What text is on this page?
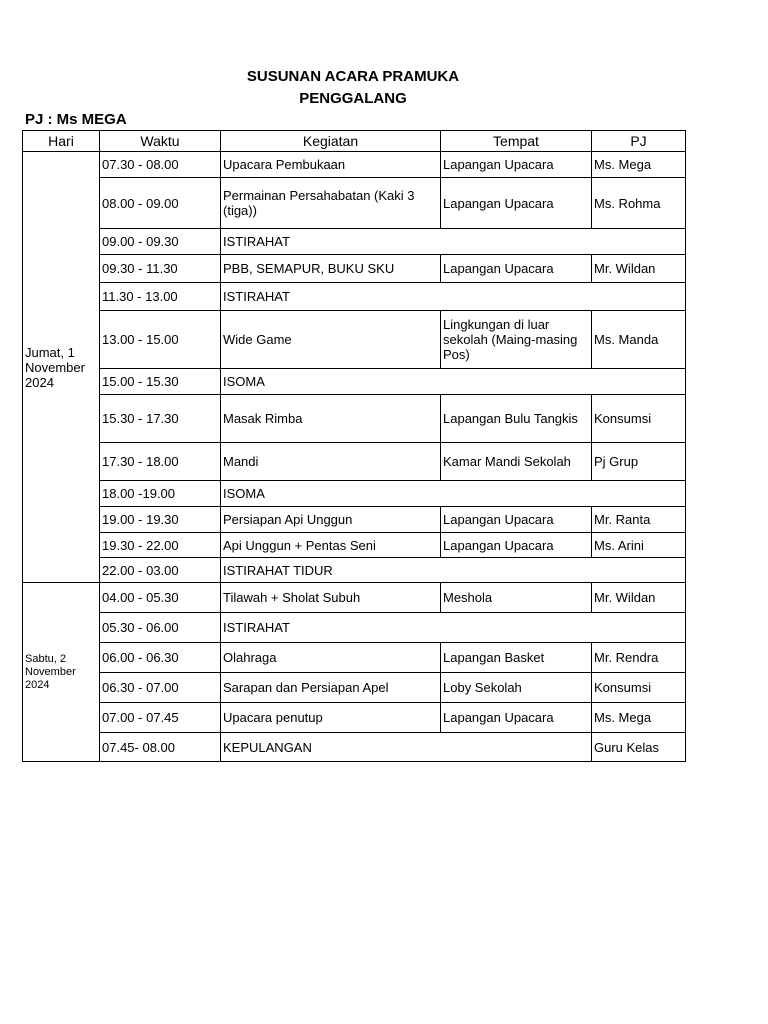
SUSUNAN ACARA PRAMUKA
PENGGALANG
PJ : Ms MEGA
Hari	Waktu	Kegiatan	Tempat	PJ
Jumat, 1 November 2024	07.30 - 08.00	Upacara Pembukaan	Lapangan Upacara	Ms. Mega
	08.00 - 09.00	Permainan Persahabatan (Kaki 3 (tiga))	Lapangan Upacara	Ms. Rohma
	09.00 - 09.30	ISTIRAHAT		
	09.30 - 11.30	PBB, SEMAPUR, BUKU SKU	Lapangan Upacara	Mr. Wildan
	11.30 - 13.00	ISTIRAHAT		
	13.00 - 15.00	Wide Game	Lingkungan di luar sekolah (Maing-masing Pos)	Ms. Manda
	15.00 - 15.30	ISOMA		
	15.30 - 17.30	Masak Rimba	Lapangan Bulu Tangkis	Konsumsi
	17.30 - 18.00	Mandi	Kamar Mandi Sekolah	Pj Grup
	18.00 -19.00	ISOMA		
	19.00 - 19.30	Persiapan Api Unggun	Lapangan Upacara	Mr. Ranta
	19.30 - 22.00	Api Unggun + Pentas Seni	Lapangan Upacara	Ms. Arini
	22.00 - 03.00	ISTIRAHAT TIDUR		
Sabtu, 2 November 2024	04.00 - 05.30	Tilawah + Sholat Subuh	Meshola	Mr. Wildan
	05.30 - 06.00	ISTIRAHAT		
	06.00 - 06.30	Olahraga	Lapangan Basket	Mr. Rendra
	06.30 - 07.00	Sarapan dan Persiapan Apel	Loby Sekolah	Konsumsi
	07.00 - 07.45	Upacara penutup	Lapangan Upacara	Ms. Mega
	07.45- 08.00	KEPULANGAN		Guru Kelas
